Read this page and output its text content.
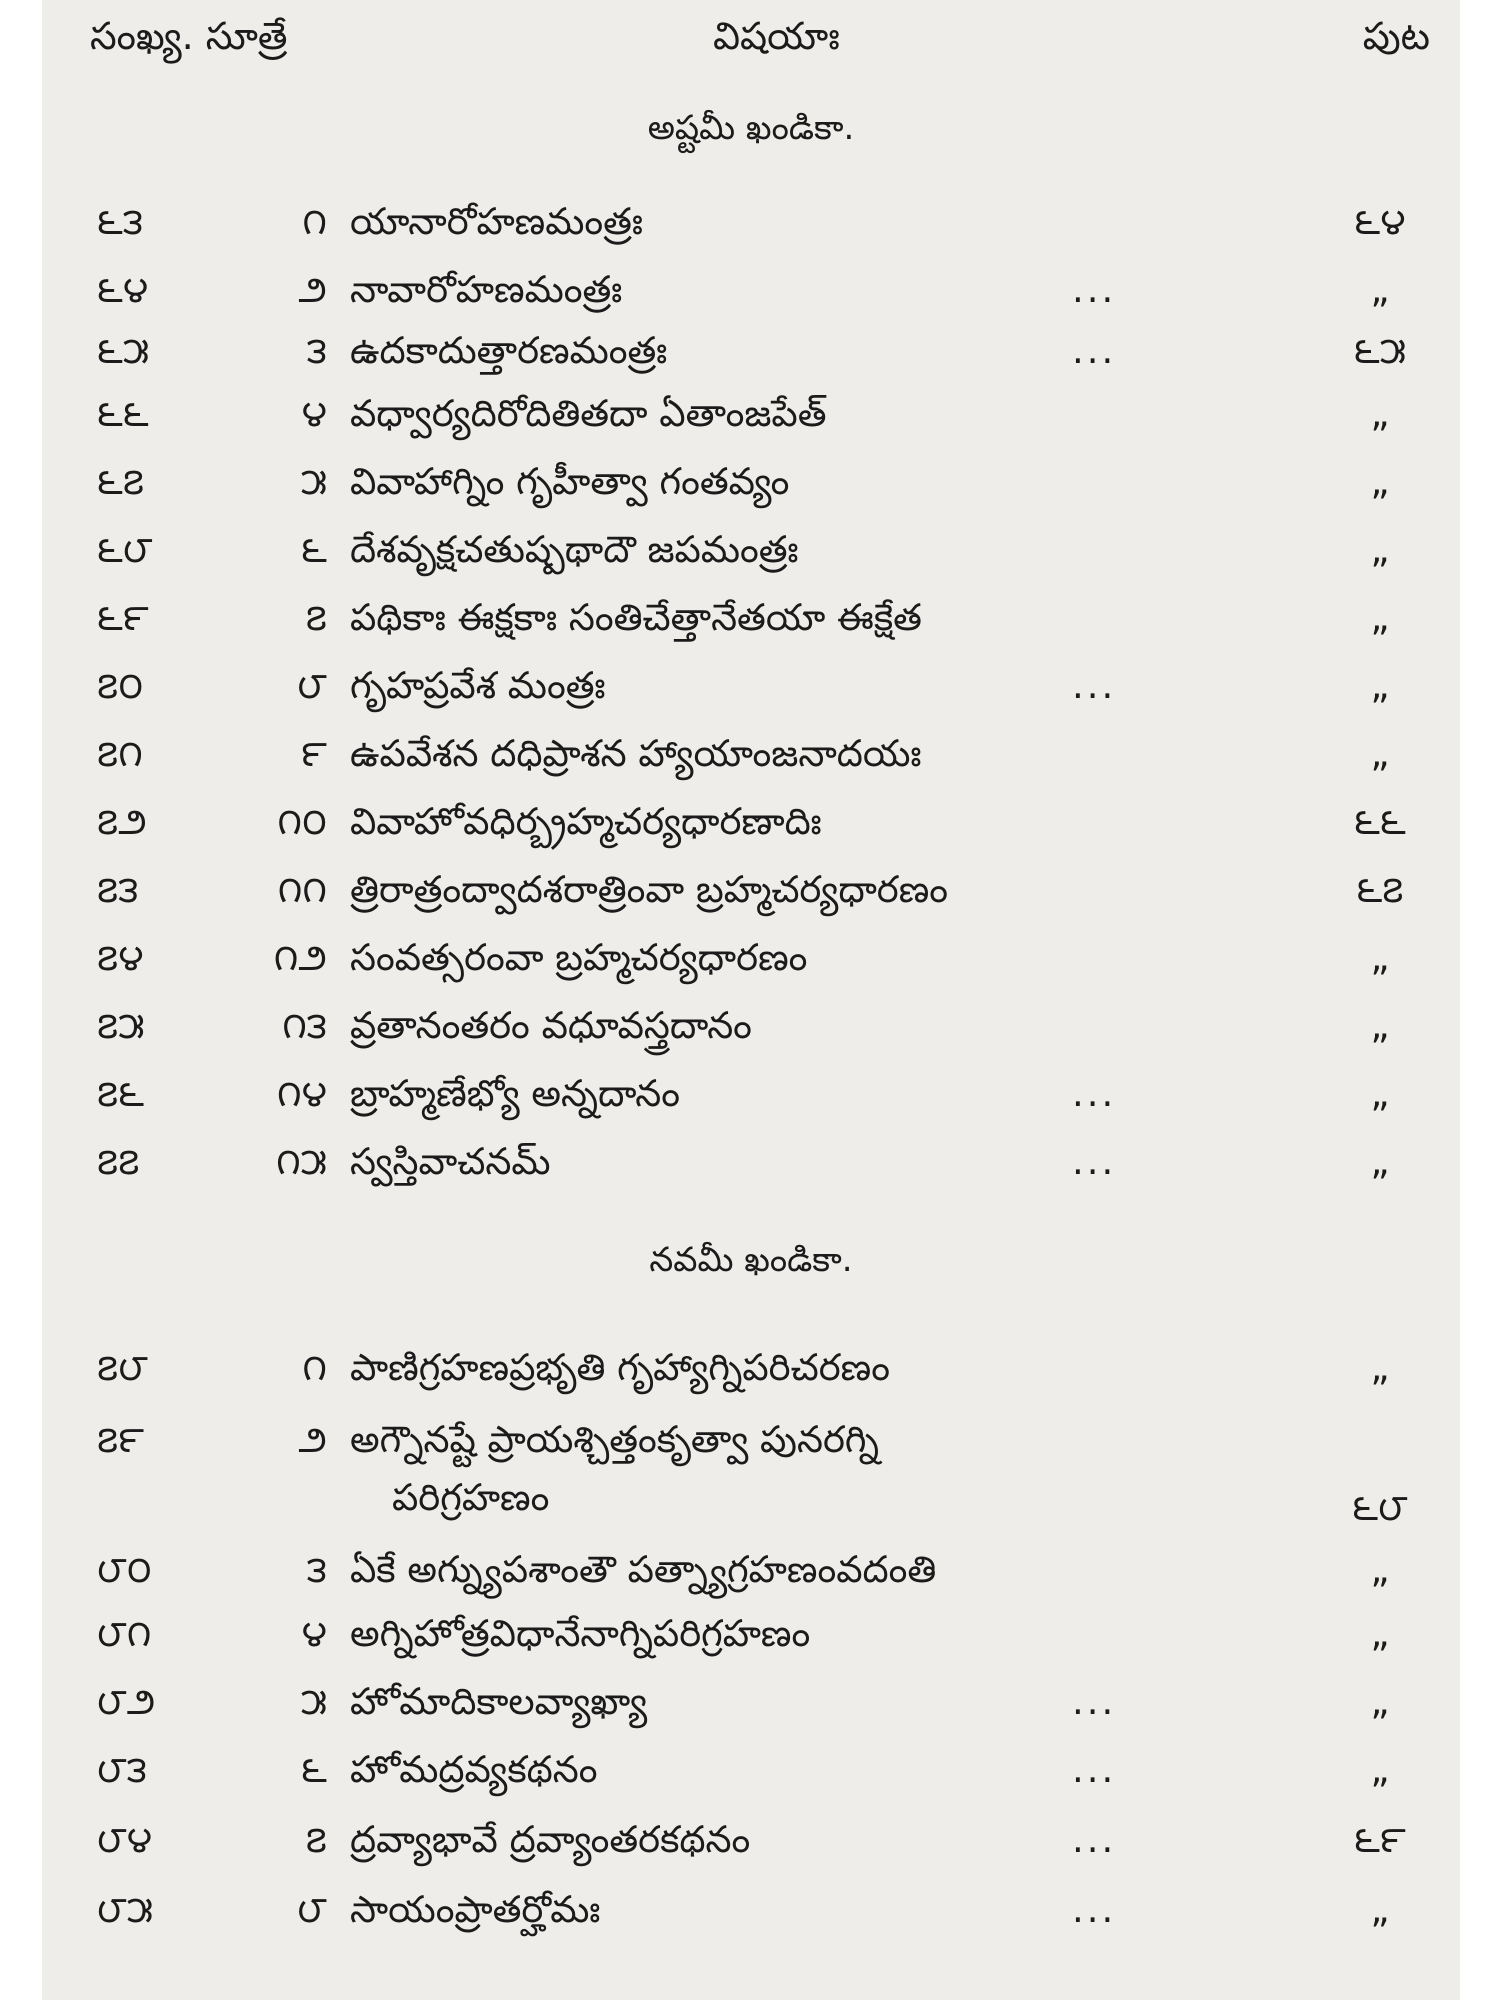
సంఖ్య. సూత్రే	విషయాః	పుట
అష్టమీ ఖండికా.
౬౩	౧ యానారోహణమంత్రః	౬౪
౬౪	౨ నావారోహణమంత్రః	...	„
౬౫	౩ ఉదకాదుత్తారణమంత్రః	...	౬౫
౬౬	౪ వధ్వార్యదిరోదితితదా ఏతాంజపేత్	„
౬౭	౫ వివాహాగ్నిం గృహీత్వా గంతవ్యం	„
౬౮	౬ దేశవృక్షచతుష్పథాదౌ జపమంత్రః	„
౬౯	౭ పథికాః ఈక్షకాః సంతిచేత్తానేతయా ఈక్షేత	„
౭౦	౮ గృహప్రవేశ మంత్రః	...	„
౭౧	౯ ఉపవేశన దధిప్రాశన హ్యాయాంజనాదయః	„
౭౨	౧౦ వివాహోవధిర్బ్రహ్మచర్యధారణాదిః	౬౬
౭౩	౧౧ త్రిరాత్రంద్వాదశరాత్రింవా బ్రహ్మచర్యధారణం	౬౭
౭౪	౧౨ సంవత్సరంవా బ్రహ్మచర్యధారణం	„
౭౫	౧౩ వ్రతానంతరం వధూవస్త్రదానం	„
౭౬	౧౪ బ్రాహ్మణేభ్యో అన్నదానం	...	„
౭౭	౧౫ స్వస్తివాచనమ్	...	„
నవమీ ఖండికా.
౭౮	౧ పాణిగ్రహణప్రభృతి గృహ్యాగ్నిపరిచరణం	„
౭౯	౨ అగ్నౌనష్టే ప్రాయశ్చిత్తంకృత్వా పునరగ్ని
పరిగ్రహణం	౬౮
౮౦	౩ ఏకే అగ్న్యుపశాంతౌ పత్న్యాగ్రహణంవదంతి	„
౮౧	౪ అగ్నిహోత్రవిధానేనాగ్నిపరిగ్రహణం	„
౮౨	౫ హోమాదికాలవ్యాఖ్యా	...	„
౮౩	౬ హోమద్రవ్యకథనం	...	„
౮౪	౭ ద్రవ్యాభావే ద్రవ్యాంతరకథనం	...	౬౯
౮౫	౮ సాయంప్రాతర్హోమః	...	„
